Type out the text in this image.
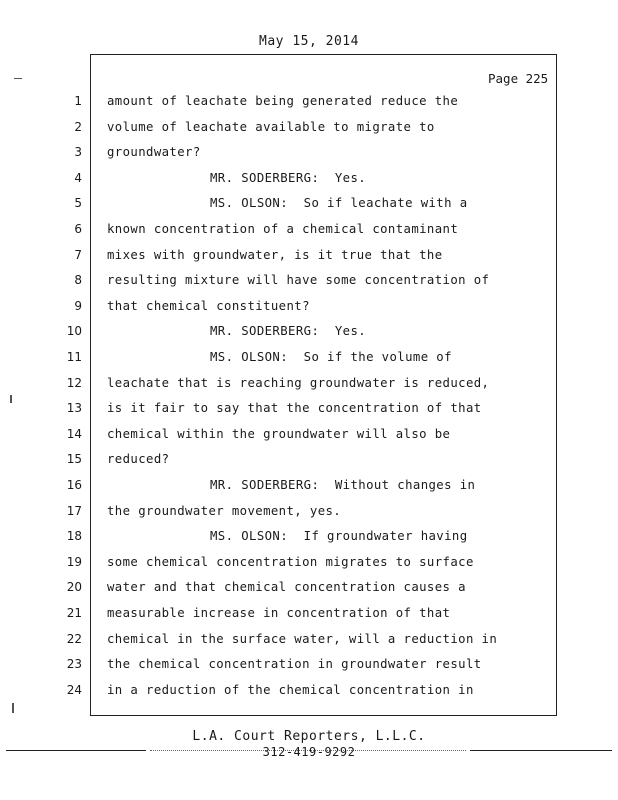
May 15, 2014
Page 225
1 amount of leachate being generated reduce the
2 volume of leachate available to migrate to
3 groundwater?
4	MR. SODERBERG:  Yes.
5	MS. OLSON:  So if leachate with a
6 known concentration of a chemical contaminant
7 mixes with groundwater, is it true that the
8 resulting mixture will have some concentration of
9 that chemical constituent?
10	MR. SODERBERG:  Yes.
11	MS. OLSON:  So if the volume of
12 leachate that is reaching groundwater is reduced,
13 is it fair to say that the concentration of that
14 chemical within the groundwater will also be
15 reduced?
16	MR. SODERBERG:  Without changes in
17 the groundwater movement, yes.
18	MS. OLSON:  If groundwater having
19 some chemical concentration migrates to surface
20 water and that chemical concentration causes a
21 measurable increase in concentration of that
22 chemical in the surface water, will a reduction in
23 the chemical concentration in groundwater result
24 in a reduction of the chemical concentration in
L.A. Court Reporters, L.L.C.
312-419-9292
